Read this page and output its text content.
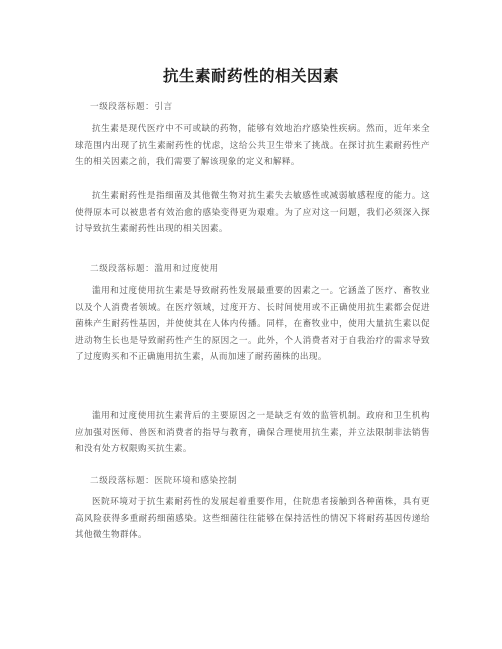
抗生素耐药性的相关因素
一级段落标题：引言

抗生素是现代医疗中不可或缺的药物，能够有效地治疗感染性疾病。然而，近年来全球范围内出现了抗生素耐药性的忧虑，这给公共卫生带来了挑战。在探讨抗生素耐药性产生的相关因素之前，我们需要了解该现象的定义和解释。

抗生素耐药性是指细菌及其他微生物对抗生素失去敏感性或减弱敏感程度的能力。这使得原本可以被患者有效治愈的感染变得更为艰难。为了应对这一问题，我们必须深入探讨导致抗生素耐药性出现的相关因素。

二级段落标题：滥用和过度使用

滥用和过度使用抗生素是导致耐药性发展最重要的因素之一。它涵盖了医疗、畜牧业以及个人消费者领域。在医疗领域，过度开方、长时间使用或不正确使用抗生素都会促进菌株产生耐药性基因，并使使其在人体内传播。同样，在畜牧业中，使用大量抗生素以促进动物生长也是导致耐药性产生的原因之一。此外，个人消费者对于自我治疗的需求导致了过度购买和不正确施用抗生素，从而加速了耐药菌株的出现。

滥用和过度使用抗生素背后的主要原因之一是缺乏有效的监管机制。政府和卫生机构应加强对医师、兽医和消费者的指导与教育，确保合理使用抗生素，并立法限制非法销售和没有处方权限购买抗生素。

二级段落标题：医院环境和感染控制

医院环境对于抗生素耐药性的发展起着重要作用，住院患者接触到各种菌株，具有更高风险获得多重耐药细菌感染。这些细菌往往能够在保持活性的情况下将耐药基因传递给其他微生物群体。
